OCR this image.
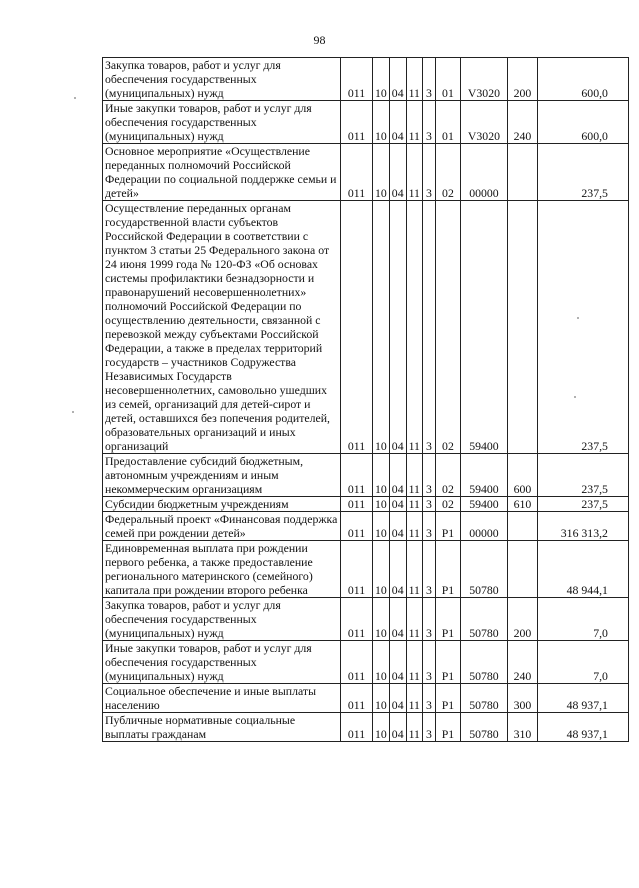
98
Закупка товаров, работ и услуг для обеспечения государственных (муниципальных) нужд	011	10	04	11	3	01	V3020	200	600,0
Иные закупки товаров, работ и услуг для обеспечения государственных (муниципальных) нужд	011	10	04	11	3	01	V3020	240	600,0
Основное мероприятие «Осуществление переданных полномочий Российской Федерации по социальной поддержке семьи и детей»	011	10	04	11	3	02	00000		237,5
Осуществление переданных органам государственной власти субъектов Российской Федерации в соответствии с пунктом 3 статьи 25 Федерального закона от 24 июня 1999 года № 120-ФЗ «Об основах системы профилактики безнадзорности и правонарушений несовершеннолетних» полномочий Российской Федерации по осуществлению деятельности, связанной с перевозкой между субъектами Российской Федерации, а также в пределах территорий государств – участников Содружества Независимых Государств несовершеннолетних, самовольно ушедших из семей, организаций для детей-сирот и детей, оставшихся без попечения родителей, образовательных организаций и иных организаций	011	10	04	11	3	02	59400		237,5
Предоставление субсидий бюджетным, автономным учреждениям и иным некоммерческим организациям	011	10	04	11	3	02	59400	600	237,5
Субсидии бюджетным учреждениям	011	10	04	11	3	02	59400	610	237,5
Федеральный проект «Финансовая поддержка семей при рождении детей»	011	10	04	11	3	P1	00000		316 313,2
Единовременная выплата при рождении первого ребенка, а также предоставление регионального материнского (семейного) капитала при рождении второго ребенка	011	10	04	11	3	P1	50780		48 944,1
Закупка товаров, работ и услуг для обеспечения государственных (муниципальных) нужд	011	10	04	11	3	P1	50780	200	7,0
Иные закупки товаров, работ и услуг для обеспечения государственных (муниципальных) нужд	011	10	04	11	3	P1	50780	240	7,0
Социальное обеспечение и иные выплаты населению	011	10	04	11	3	P1	50780	300	48 937,1
Публичные нормативные социальные выплаты гражданам	011	10	04	11	3	P1	50780	310	48 937,1
